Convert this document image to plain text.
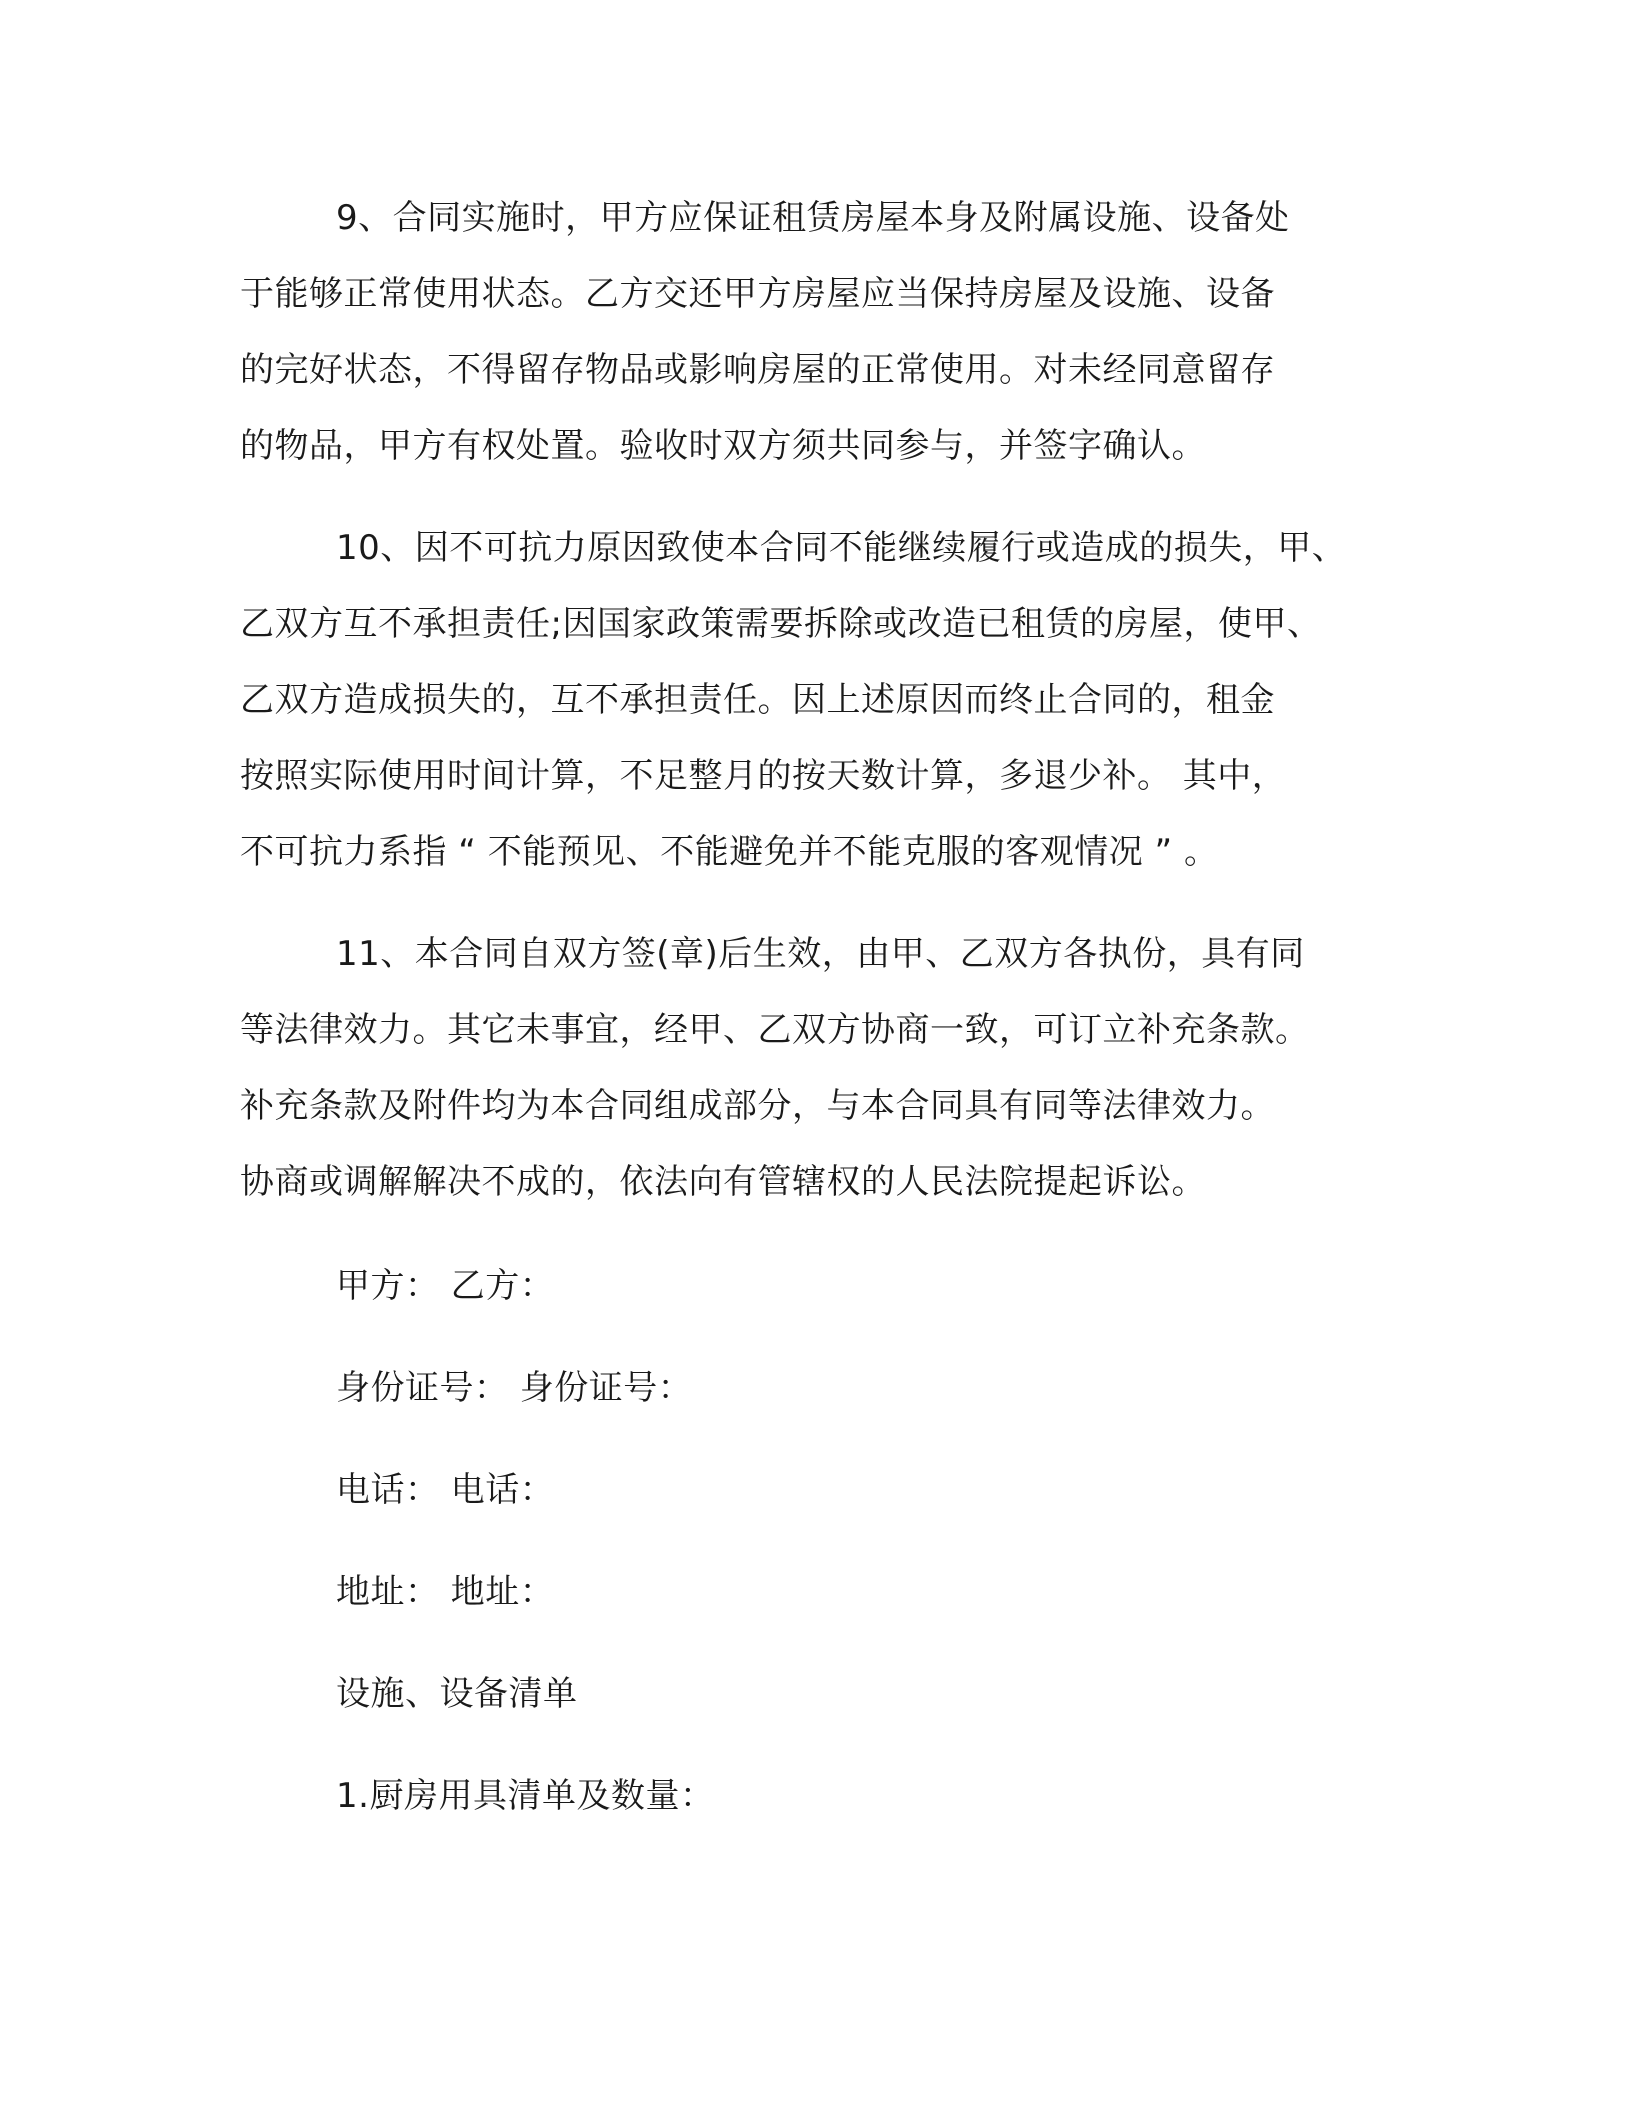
9、合同实施时，甲方应保证租赁房屋本身及附属设施、设备处
于能够正常使用状态。乙方交还甲方房屋应当保持房屋及设施、设备
的完好状态，不得留存物品或影响房屋的正常使用。对未经同意留存
的物品，甲方有权处置。验收时双方须共同参与，并签字确认。
10、因不可抗力原因致使本合同不能继续履行或造成的损失，甲、
乙双方互不承担责任;因国家政策需要拆除或改造已租赁的房屋，使甲、
乙双方造成损失的，互不承担责任。因上述原因而终止合同的，租金
按照实际使用时间计算，不足整月的按天数计算，多退少补。 其中，
不可抗力系指 “ 不能预见、不能避免并不能克服的客观情况 ” 。
11、本合同自双方签(章)后生效，由甲、乙双方各执份，具有同
等法律效力。其它未事宜，经甲、乙双方协商一致，可订立补充条款。
补充条款及附件均为本合同组成部分，与本合同具有同等法律效力。
协商或调解解决不成的，依法向有管辖权的人民法院提起诉讼。
甲方： 乙方：
身份证号： 身份证号：
电话： 电话：
地址： 地址：
设施、设备清单
1.厨房用具清单及数量：
